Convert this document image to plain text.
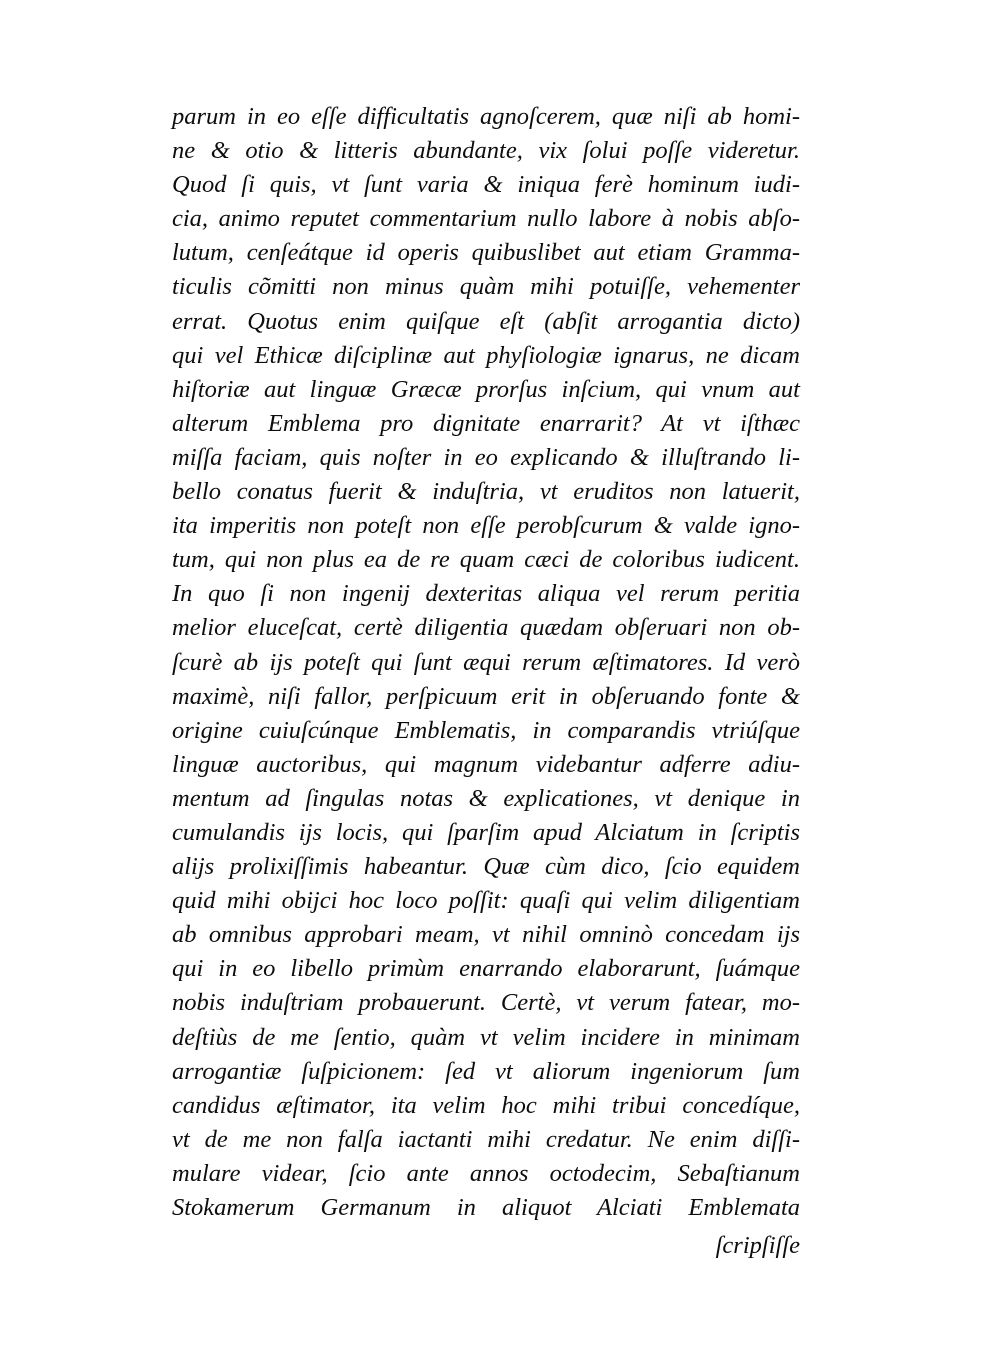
parum in eo eſſe difficultatis agnoſcerem, quæ niſi ab homi-
ne & otio & litteris abundante, vix ſolui poſſe videretur.
Quod ſi quis, vt ſunt varia & iniqua ferè hominum iudi-
cia, animo reputet commentarium nullo labore à nobis abſo-
lutum, cenſeátque id operis quibuslibet aut etiam Gramma-
ticulis cõmitti non minus quàm mihi potuiſſe, vehementer
errat. Quotus enim quiſque eſt (abſit arrogantia dicto)
qui vel Ethicæ diſciplinæ aut phyſiologiæ ignarus, ne dicam
hiſtoriæ aut linguæ Græcæ prorſus inſcium, qui vnum aut
alterum Emblema pro dignitate enarrarit? At vt iſthæc
miſſa faciam, quis noſter in eo explicando & illuſtrando li-
bello conatus fuerit & induſtria, vt eruditos non latuerit,
ita imperitis non poteſt non eſſe perobſcurum & valde igno-
tum, qui non plus ea de re quam cæci de coloribus iudicent.
In quo ſi non ingenij dexteritas aliqua vel rerum peritia
melior eluceſcat, certè diligentia quædam obſeruari non ob-
ſcurè ab ijs poteſt qui ſunt æqui rerum æſtimatores. Id verò
maximè, niſi fallor, perſpicuum erit in obſeruando fonte &
origine cuiuſcúnque Emblematis, in comparandis vtriúſque
linguæ auctoribus, qui magnum videbantur adferre adiu-
mentum ad ſingulas notas & explicationes, vt denique in
cumulandis ijs locis, qui ſparſim apud Alciatum in ſcriptis
alijs prolixiſſimis habeantur. Quæ cùm dico, ſcio equidem
quid mihi obijci hoc loco poſſit: quaſi qui velim diligentiam
ab omnibus approbari meam, vt nihil omninò concedam ijs
qui in eo libello primùm enarrando elaborarunt, ſuámque
nobis induſtriam probauerunt. Certè, vt verum fatear, mo-
deſtiùs de me ſentio, quàm vt velim incidere in minimam
arrogantiæ ſuſpicionem: ſed vt aliorum ingeniorum ſum
candidus æſtimator, ita velim hoc mihi tribui concedíque,
vt de me non falſa iactanti mihi credatur. Ne enim diſſi-
mulare videar, ſcio ante annos octodecim, Sebaſtianum
Stokamerum Germanum in aliquot Alciati Emblemata
ſcripſiſſe
